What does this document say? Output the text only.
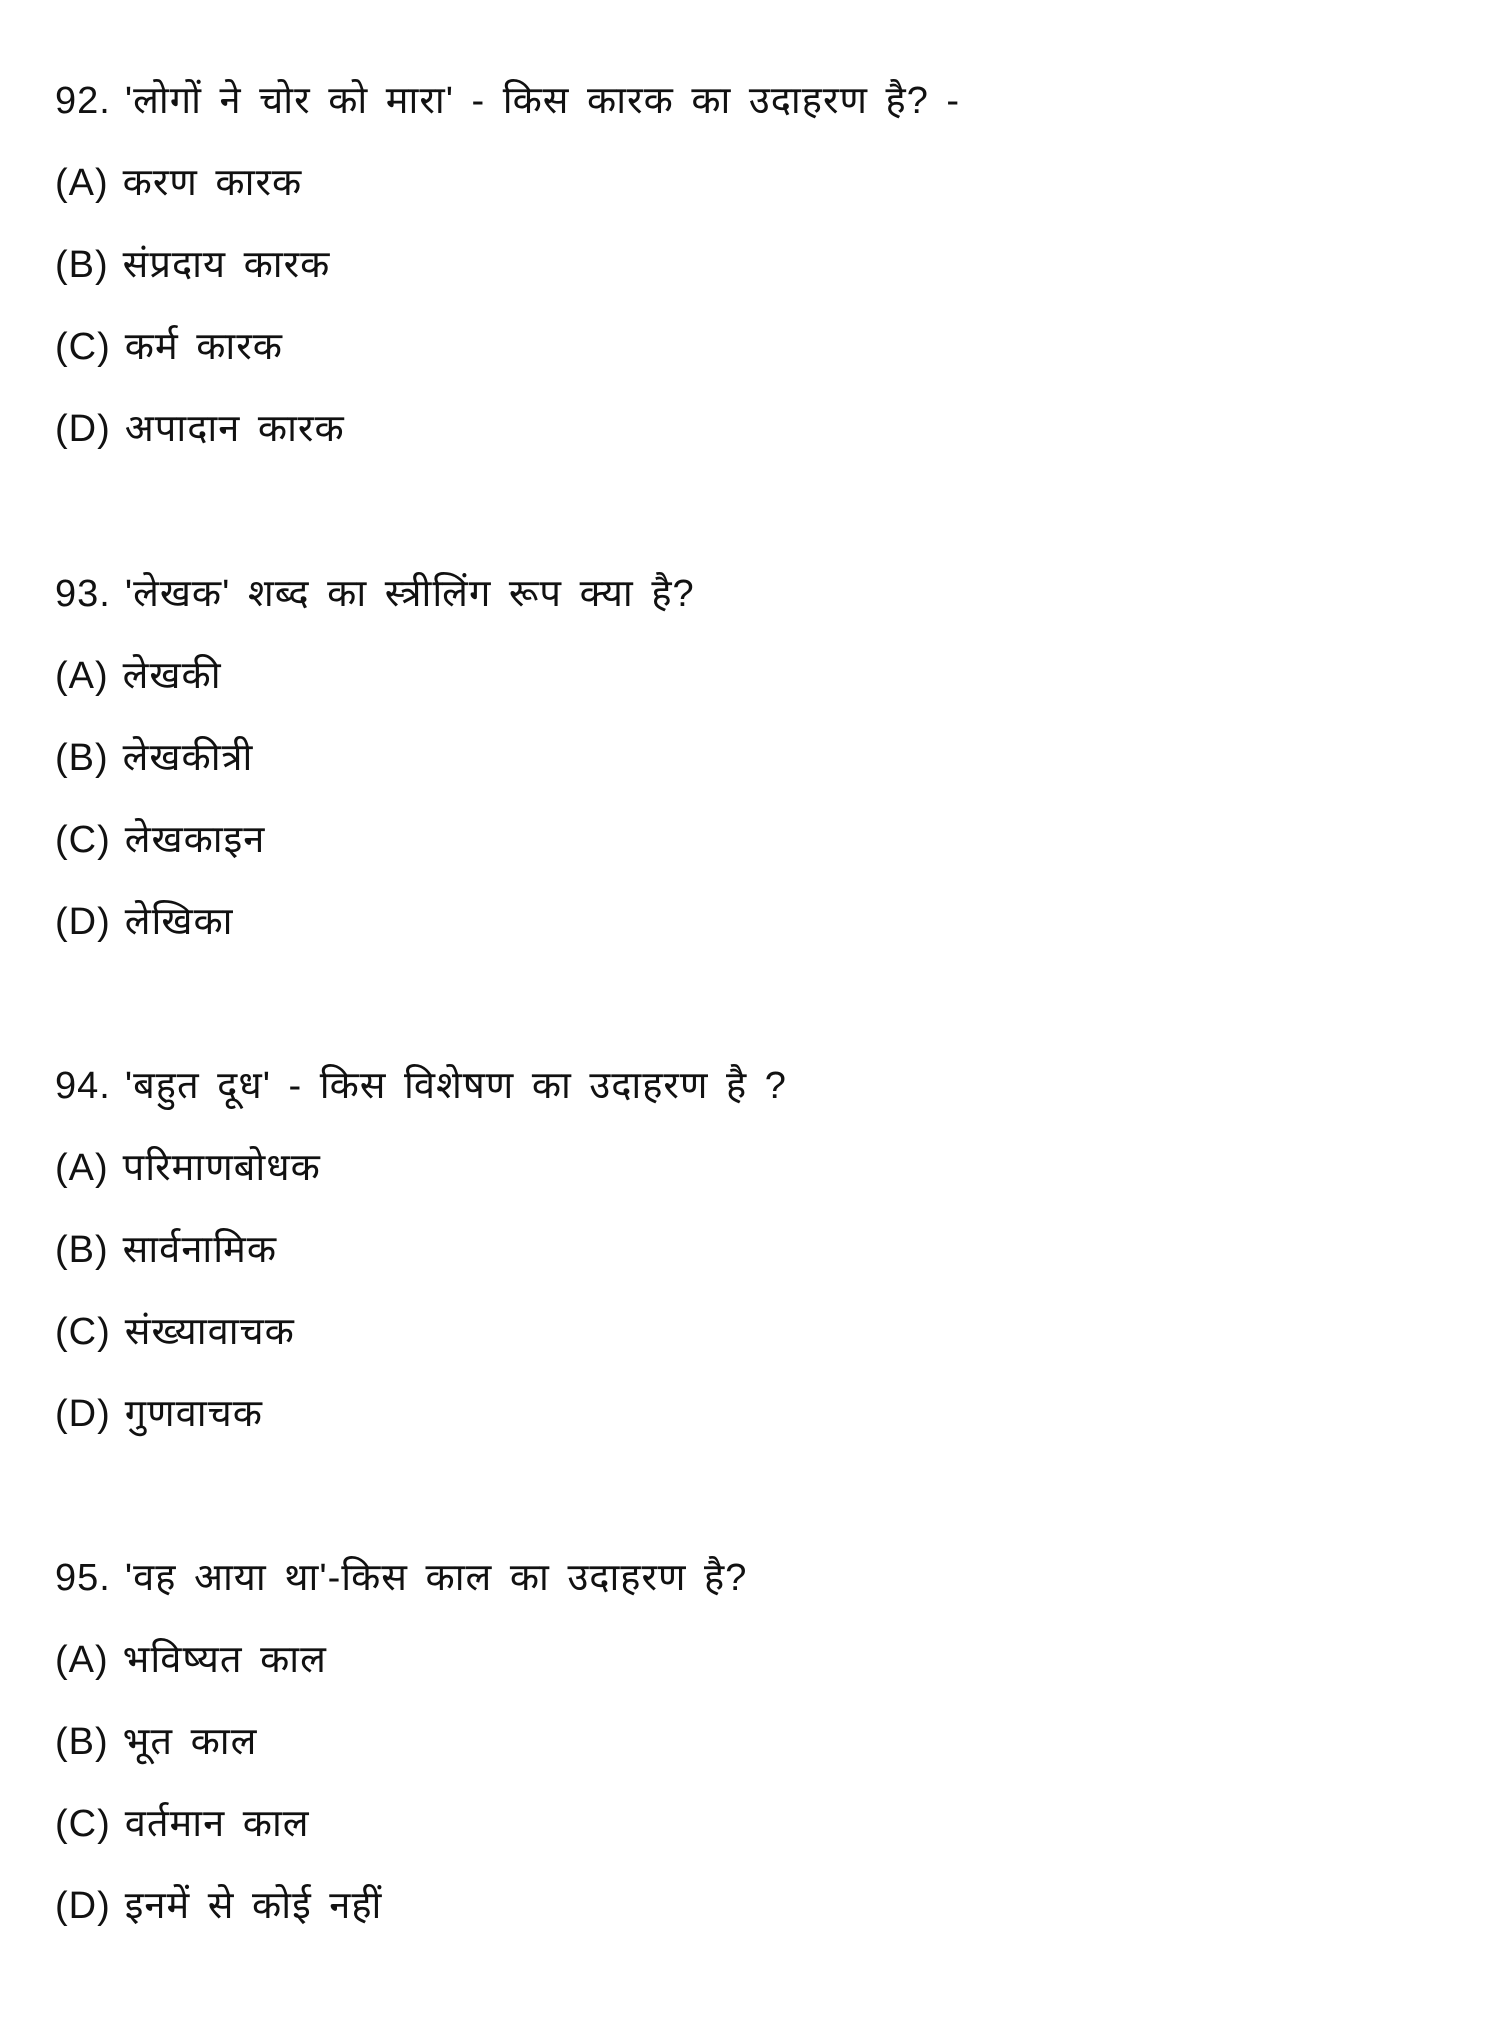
92. 'लोगों ने चोर को मारा' - किस कारक का उदाहरण है? -
(A) करण कारक
(B) संप्रदाय कारक
(C) कर्म कारक
(D) अपादान कारक
93. 'लेखक' शब्द का स्त्रीलिंग रूप क्या है?
(A) लेखकी
(B) लेखकीत्री
(C) लेखकाइन
(D) लेखिका
94. 'बहुत दूध' - किस विशेषण का उदाहरण है ?
(A) परिमाणबोधक
(B) सार्वनामिक
(C) संख्यावाचक
(D) गुणवाचक
95. 'वह आया था'-किस काल का उदाहरण है?
(A) भविष्यत काल
(B) भूत काल
(C) वर्तमान काल
(D) इनमें से कोई नहीं
